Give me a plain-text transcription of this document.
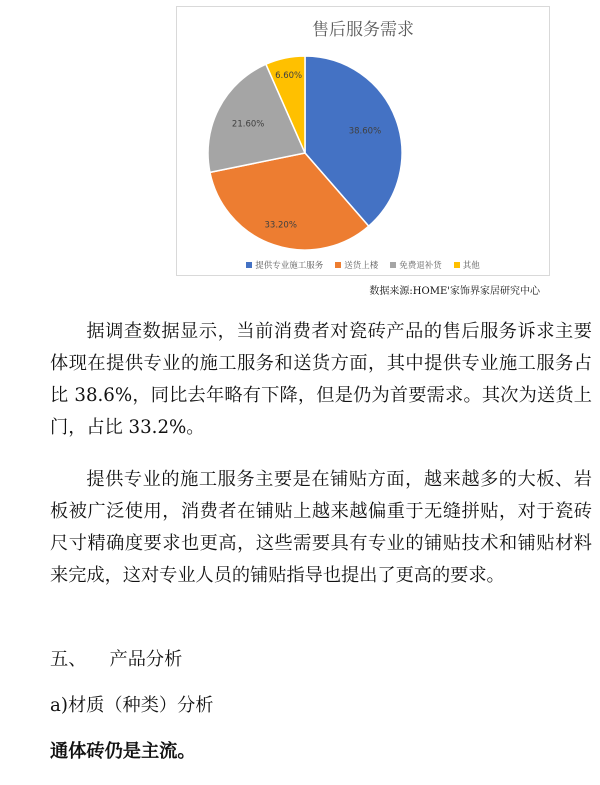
售后服务需求
38.60%
33.20%
21.60%
6.60%
提供专业施工服务 送货上楼 免费退补货 其他
数据来源:HOME'家饰界家居研究中心

据调查数据显示，当前消费者对瓷砖产品的售后服务诉求主要体现在提供专业的施工服务和送货方面，其中提供专业施工服务占比 38.6%，同比去年略有下降，但是仍为首要需求。其次为送货上门，占比 33.2%。

提供专业的施工服务主要是在铺贴方面，越来越多的大板、岩板被广泛使用，消费者在铺贴上越来越偏重于无缝拼贴，对于瓷砖尺寸精确度要求也更高，这些需要具有专业的铺贴技术和铺贴材料来完成，这对专业人员的铺贴指导也提出了更高的要求。

五、    产品分析
a)材质（种类）分析
通体砖仍是主流。
